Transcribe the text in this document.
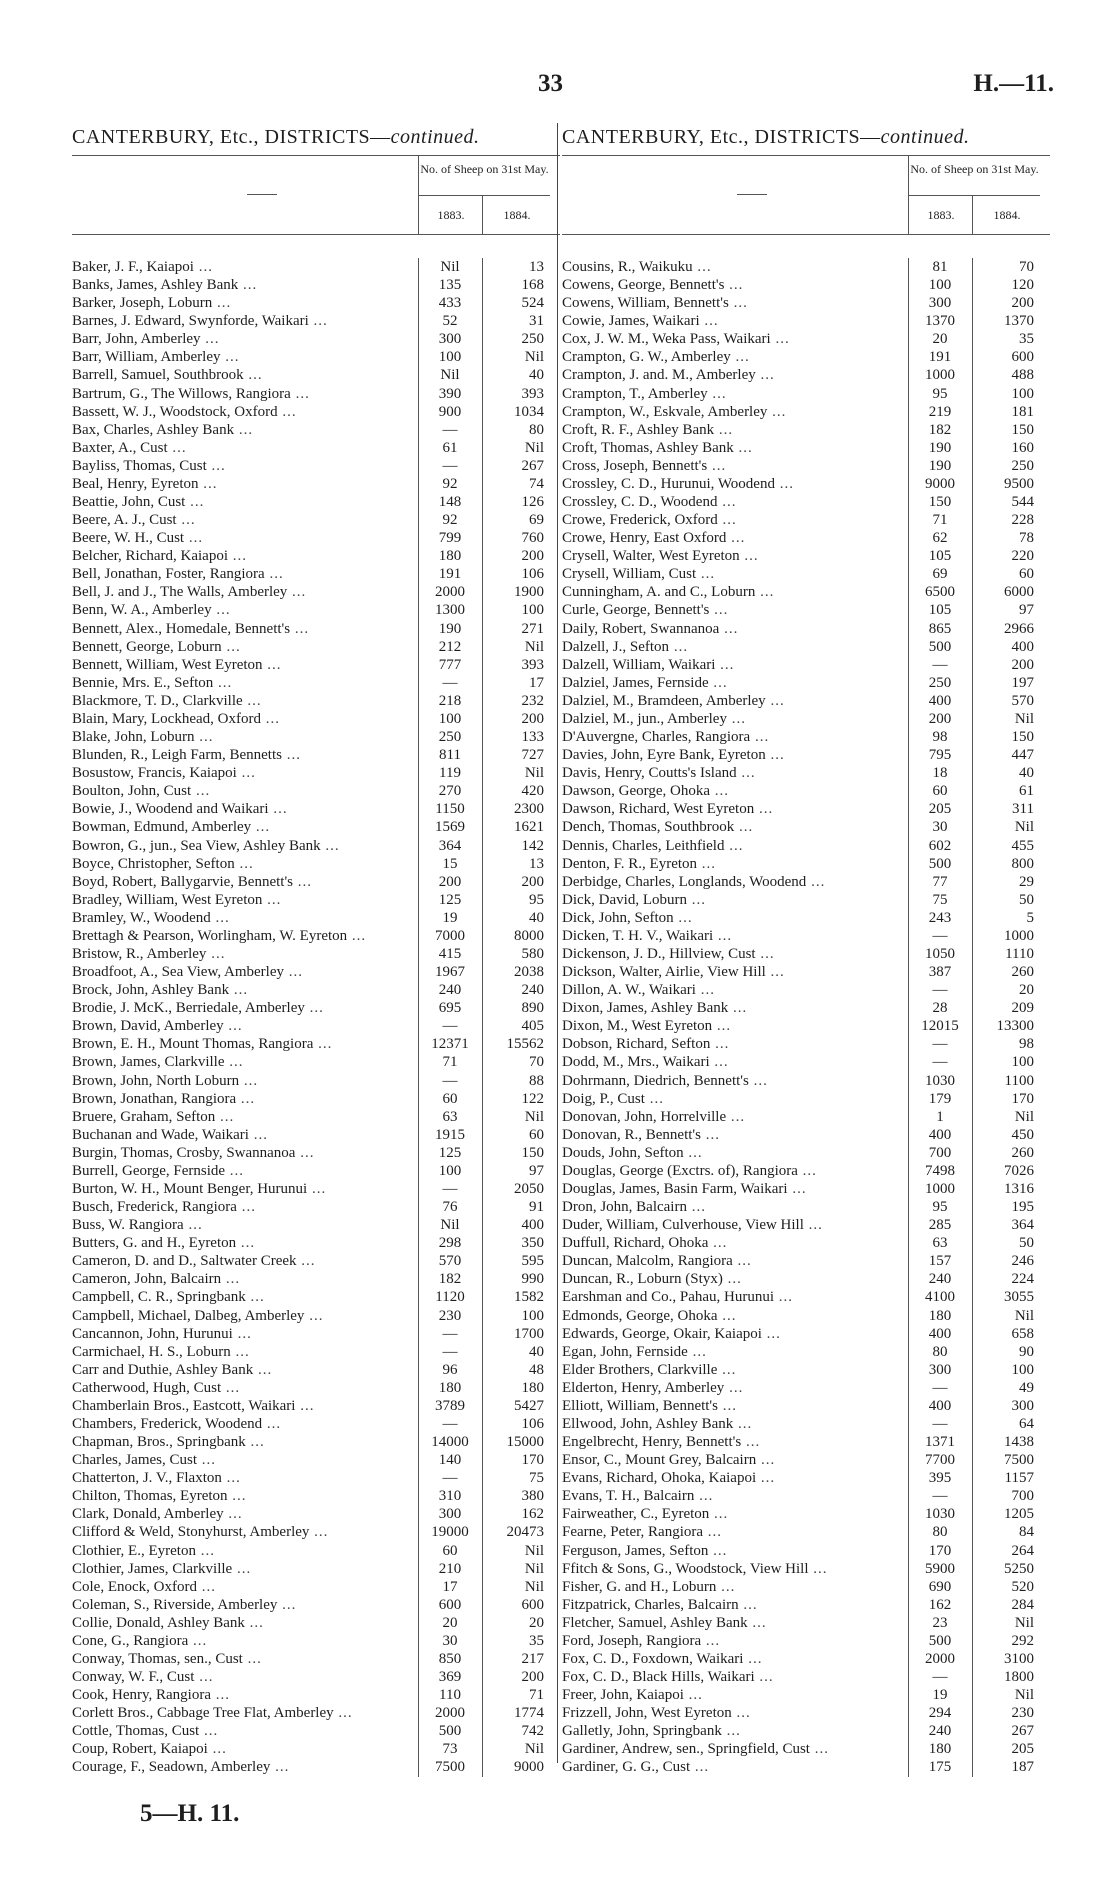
33	H.—11.
CANTERBURY, Etc., DISTRICTS—continued.
No. of Sheep on 31st May.
1883.	1884.
Baker, J. F., Kaiapoi ...	Nil	13
Banks, James, Ashley Bank ...	135	168
Barker, Joseph, Loburn ...	433	524
Barnes, J. Edward, Swynforde, Waikari ...	52	31
Barr, John, Amberley ...	300	250
Barr, William, Amberley ...	100	Nil
Barrell, Samuel, Southbrook ...	Nil	40
Bartrum, G., The Willows, Rangiora ...	390	393
Bassett, W. J., Woodstock, Oxford ...	900	1034
Bax, Charles, Ashley Bank ...	—	80
Baxter, A., Cust ...	61	Nil
Bayliss, Thomas, Cust ...	—	267
Beal, Henry, Eyreton ...	92	74
Beattie, John, Cust ...	148	126
Beere, A. J., Cust ...	92	69
Beere, W. H., Cust ...	799	760
Belcher, Richard, Kaiapoi ...	180	200
Bell, Jonathan, Foster, Rangiora ...	191	106
Bell, J. and J., The Walls, Amberley ...	2000	1900
Benn, W. A., Amberley ...	1300	100
Bennett, Alex., Homedale, Bennett's ...	190	271
Bennett, George, Loburn ...	212	Nil
Bennett, William, West Eyreton ...	777	393
Bennie, Mrs. E., Sefton ...	—	17
Blackmore, T. D., Clarkville ...	218	232
Blain, Mary, Lockhead, Oxford ...	100	200
Blake, John, Loburn ...	250	133
Blunden, R., Leigh Farm, Bennetts ...	811	727
Bosustow, Francis, Kaiapoi ...	119	Nil
Boulton, John, Cust ...	270	420
Bowie, J., Woodend and Waikari ...	1150	2300
Bowman, Edmund, Amberley ...	1569	1621
Bowron, G., jun., Sea View, Ashley Bank ...	364	142
Boyce, Christopher, Sefton ...	15	13
Boyd, Robert, Ballygarvie, Bennett's ...	200	200
Bradley, William, West Eyreton ...	125	95
Bramley, W., Woodend ...	19	40
Brettagh & Pearson, Worlingham, W. Eyreton ...	7000	8000
Bristow, R., Amberley ...	415	580
Broadfoot, A., Sea View, Amberley ...	1967	2038
Brock, John, Ashley Bank ...	240	240
Brodie, J. McK., Berriedale, Amberley ...	695	890
Brown, David, Amberley ...	—	405
Brown, E. H., Mount Thomas, Rangiora ...	12371	15562
Brown, James, Clarkville ...	71	70
Brown, John, North Loburn ...	—	88
Brown, Jonathan, Rangiora ...	60	122
Bruere, Graham, Sefton ...	63	Nil
Buchanan and Wade, Waikari ...	1915	60
Burgin, Thomas, Crosby, Swannanoa ...	125	150
Burrell, George, Fernside ...	100	97
Burton, W. H., Mount Benger, Hurunui ...	—	2050
Busch, Frederick, Rangiora ...	76	91
Buss, W. Rangiora ...	Nil	400
Butters, G. and H., Eyreton ...	298	350
Cameron, D. and D., Saltwater Creek ...	570	595
Cameron, John, Balcairn ...	182	990
Campbell, C. R., Springbank ...	1120	1582
Campbell, Michael, Dalbeg, Amberley ...	230	100
Cancannon, John, Hurunui ...	—	1700
Carmichael, H. S., Loburn ...	—	40
Carr and Duthie, Ashley Bank ...	96	48
Catherwood, Hugh, Cust ...	180	180
Chamberlain Bros., Eastcott, Waikari ...	3789	5427
Chambers, Frederick, Woodend ...	—	106
Chapman, Bros., Springbank ...	14000	15000
Charles, James, Cust ...	140	170
Chatterton, J. V., Flaxton ...	—	75
Chilton, Thomas, Eyreton ...	310	380
Clark, Donald, Amberley ...	300	162
Clifford & Weld, Stonyhurst, Amberley ...	19000	20473
Clothier, E., Eyreton ...	60	Nil
Clothier, James, Clarkville ...	210	Nil
Cole, Enock, Oxford ...	17	Nil
Coleman, S., Riverside, Amberley ...	600	600
Collie, Donald, Ashley Bank ...	20	20
Cone, G., Rangiora ...	30	35
Conway, Thomas, sen., Cust ...	850	217
Conway, W. F., Cust ...	369	200
Cook, Henry, Rangiora ...	110	71
Corlett Bros., Cabbage Tree Flat, Amberley ...	2000	1774
Cottle, Thomas, Cust ...	500	742
Coup, Robert, Kaiapoi ...	73	Nil
Courage, F., Seadown, Amberley ...	7500	9000
CANTERBURY, Etc., DISTRICTS—continued.
No. of Sheep on 31st May.
1883.	1884.
Cousins, R., Waikuku ...	81	70
Cowens, George, Bennett's ...	100	120
Cowens, William, Bennett's ...	300	200
Cowie, James, Waikari ...	1370	1370
Cox, J. W. M., Weka Pass, Waikari ...	20	35
Crampton, G. W., Amberley ...	191	600
Crampton, J. and. M., Amberley ...	1000	488
Crampton, T., Amberley ...	95	100
Crampton, W., Eskvale, Amberley ...	219	181
Croft, R. F., Ashley Bank ...	182	150
Croft, Thomas, Ashley Bank ...	190	160
Cross, Joseph, Bennett's ...	190	250
Crossley, C. D., Hurunui, Woodend ...	9000	9500
Crossley, C. D., Woodend ...	150	544
Crowe, Frederick, Oxford ...	71	228
Crowe, Henry, East Oxford ...	62	78
Crysell, Walter, West Eyreton ...	105	220
Crysell, William, Cust ...	69	60
Cunningham, A. and C., Loburn ...	6500	6000
Curle, George, Bennett's ...	105	97
Daily, Robert, Swannanoa ...	865	2966
Dalzell, J., Sefton ...	500	400
Dalzell, William, Waikari ...	—	200
Dalziel, James, Fernside ...	250	197
Dalziel, M., Bramdeen, Amberley ...	400	570
Dalziel, M., jun., Amberley ...	200	Nil
D'Auvergne, Charles, Rangiora ...	98	150
Davies, John, Eyre Bank, Eyreton ...	795	447
Davis, Henry, Coutts's Island ...	18	40
Dawson, George, Ohoka ...	60	61
Dawson, Richard, West Eyreton ...	205	311
Dench, Thomas, Southbrook ...	30	Nil
Dennis, Charles, Leithfield ...	602	455
Denton, F. R., Eyreton ...	500	800
Derbidge, Charles, Longlands, Woodend ...	77	29
Dick, David, Loburn ...	75	50
Dick, John, Sefton ...	243	5
Dicken, T. H. V., Waikari ...	—	1000
Dickenson, J. D., Hillview, Cust ...	1050	1110
Dickson, Walter, Airlie, View Hill ...	387	260
Dillon, A. W., Waikari ...	—	20
Dixon, James, Ashley Bank ...	28	209
Dixon, M., West Eyreton ...	12015	13300
Dobson, Richard, Sefton ...	—	98
Dodd, M., Mrs., Waikari ...	—	100
Dohrmann, Diedrich, Bennett's ...	1030	1100
Doig, P., Cust ...	179	170
Donovan, John, Horrelville ...	1	Nil
Donovan, R., Bennett's ...	400	450
Douds, John, Sefton ...	700	260
Douglas, George (Exctrs. of), Rangiora ...	7498	7026
Douglas, James, Basin Farm, Waikari ...	1000	1316
Dron, John, Balcairn ...	95	195
Duder, William, Culverhouse, View Hill ...	285	364
Duffull, Richard, Ohoka ...	63	50
Duncan, Malcolm, Rangiora ...	157	246
Duncan, R., Loburn (Styx) ...	240	224
Earshman and Co., Pahau, Hurunui ...	4100	3055
Edmonds, George, Ohoka ...	180	Nil
Edwards, George, Okair, Kaiapoi ...	400	658
Egan, John, Fernside ...	80	90
Elder Brothers, Clarkville ...	300	100
Elderton, Henry, Amberley ...	—	49
Elliott, William, Bennett's ...	400	300
Ellwood, John, Ashley Bank ...	—	64
Engelbrecht, Henry, Bennett's ...	1371	1438
Ensor, C., Mount Grey, Balcairn ...	7700	7500
Evans, Richard, Ohoka, Kaiapoi ...	395	1157
Evans, T. H., Balcairn ...	—	700
Fairweather, C., Eyreton ...	1030	1205
Fearne, Peter, Rangiora ...	80	84
Ferguson, James, Sefton ...	170	264
Ffitch & Sons, G., Woodstock, View Hill ...	5900	5250
Fisher, G. and H., Loburn ...	690	520
Fitzpatrick, Charles, Balcairn ...	162	284
Fletcher, Samuel, Ashley Bank ...	23	Nil
Ford, Joseph, Rangiora ...	500	292
Fox, C. D., Foxdown, Waikari ...	2000	3100
Fox, C. D., Black Hills, Waikari ...	—	1800
Freer, John, Kaiapoi ...	19	Nil
Frizzell, John, West Eyreton ...	294	230
Galletly, John, Springbank ...	240	267
Gardiner, Andrew, sen., Springfield, Cust ...	180	205
Gardiner, G. G., Cust ...	175	187
5—H. 11.
